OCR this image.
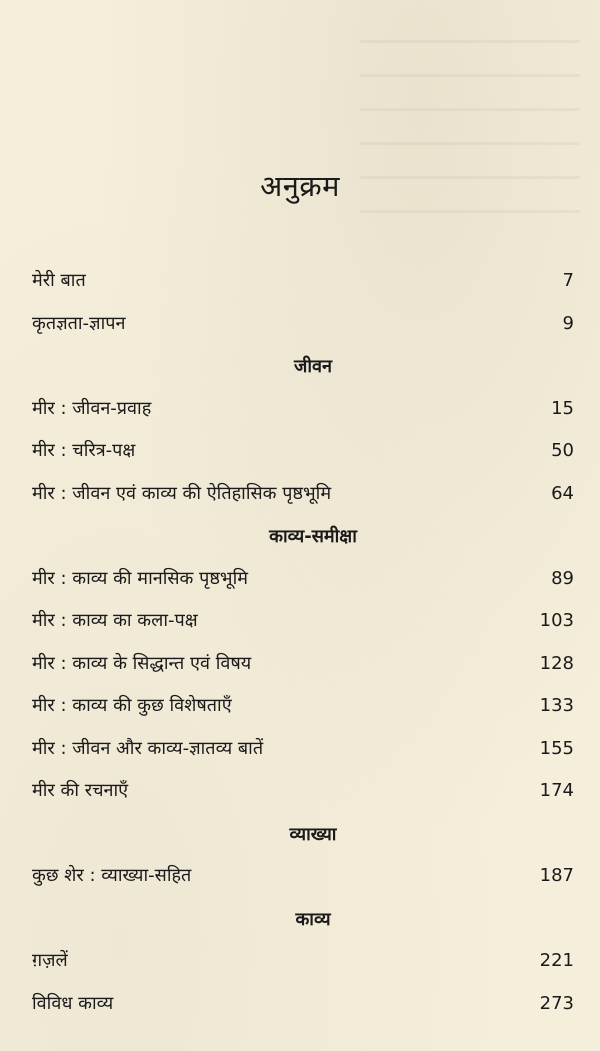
अनुक्रम
मेरी बात	7
कृतज्ञता-ज्ञापन	9
जीवन
मीर : जीवन-प्रवाह	15
मीर : चरित्र-पक्ष	50
मीर : जीवन एवं काव्य की ऐतिहासिक पृष्ठभूमि	64
काव्य-समीक्षा
मीर : काव्य की मानसिक पृष्ठभूमि	89
मीर : काव्य का कला-पक्ष	103
मीर : काव्य के सिद्धान्त एवं विषय	128
मीर : काव्य की कुछ विशेषताएँ	133
मीर : जीवन और काव्य-ज्ञातव्य बातें	155
मीर की रचनाएँ	174
व्याख्या
कुछ शेर : व्याख्या-सहित	187
काव्य
ग़ज़लें	221
विविध काव्य	273
